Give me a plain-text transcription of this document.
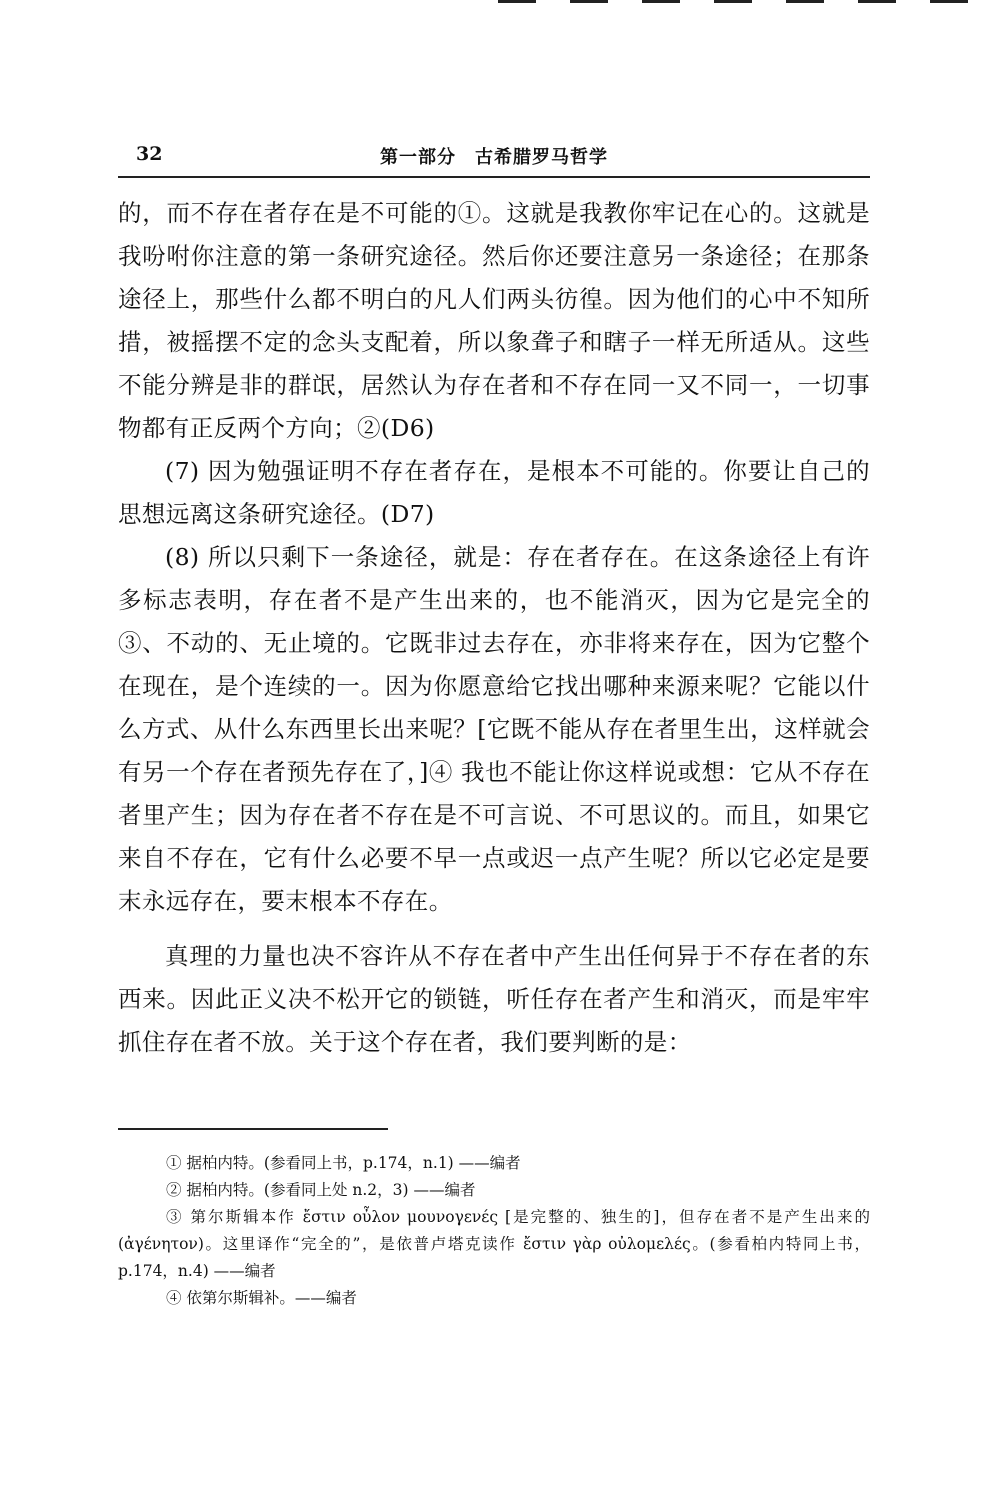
32	第一部分　古希腊罗马哲学

的，而不存在者存在是不可能的①。这就是我教你牢记在心的。这就是我吩咐你注意的第一条研究途径。然后你还要注意另一条途径；在那条途径上，那些什么都不明白的凡人们两头彷徨。因为他们的心中不知所措，被摇摆不定的念头支配着，所以象聋子和瞎子一样无所适从。这些不能分辨是非的群氓，居然认为存在者和不存在同一又不同一，一切事物都有正反两个方向；②(D6)

(7) 因为勉强证明不存在者存在，是根本不可能的。你要让自己的思想远离这条研究途径。(D7)

(8) 所以只剩下一条途径，就是：存在者存在。在这条途径上有许多标志表明，存在者不是产生出来的，也不能消灭，因为它是完全的③、不动的、无止境的。它既非过去存在，亦非将来存在，因为它整个在现在，是个连续的一。因为你愿意给它找出哪种来源来呢？它能以什么方式、从什么东西里长出来呢？[它既不能从存在者里生出，这样就会有另一个存在者预先存在了，]④ 我也不能让你这样说或想：它从不存在者里产生；因为存在者不存在是不可言说、不可思议的。而且，如果它来自不存在，它有什么必要不早一点或迟一点产生呢？所以它必定是要末永远存在，要末根本不存在。

真理的力量也决不容许从不存在者中产生出任何异于不存在者的东西来。因此正义决不松开它的锁链，听任存在者产生和消灭，而是牢牢抓住存在者不放。关于这个存在者，我们要判断的是：

① 据柏内特。(参看同上书，p.174，n.1) ——编者

② 据柏内特。(参看同上处 n.2，3) ——编者

③ 第尔斯辑本作 ἔστιν οὖλον μουνογενές [是完整的、独生的]，但存在者不是产生出来的(ἀγένητον)。这里译作“完全的”，是依普卢塔克读作 ἔστιν γὰρ οὐλομελές。(参看柏内特同上书，p.174，n.4) ——编者

④ 依第尔斯辑补。——编者
